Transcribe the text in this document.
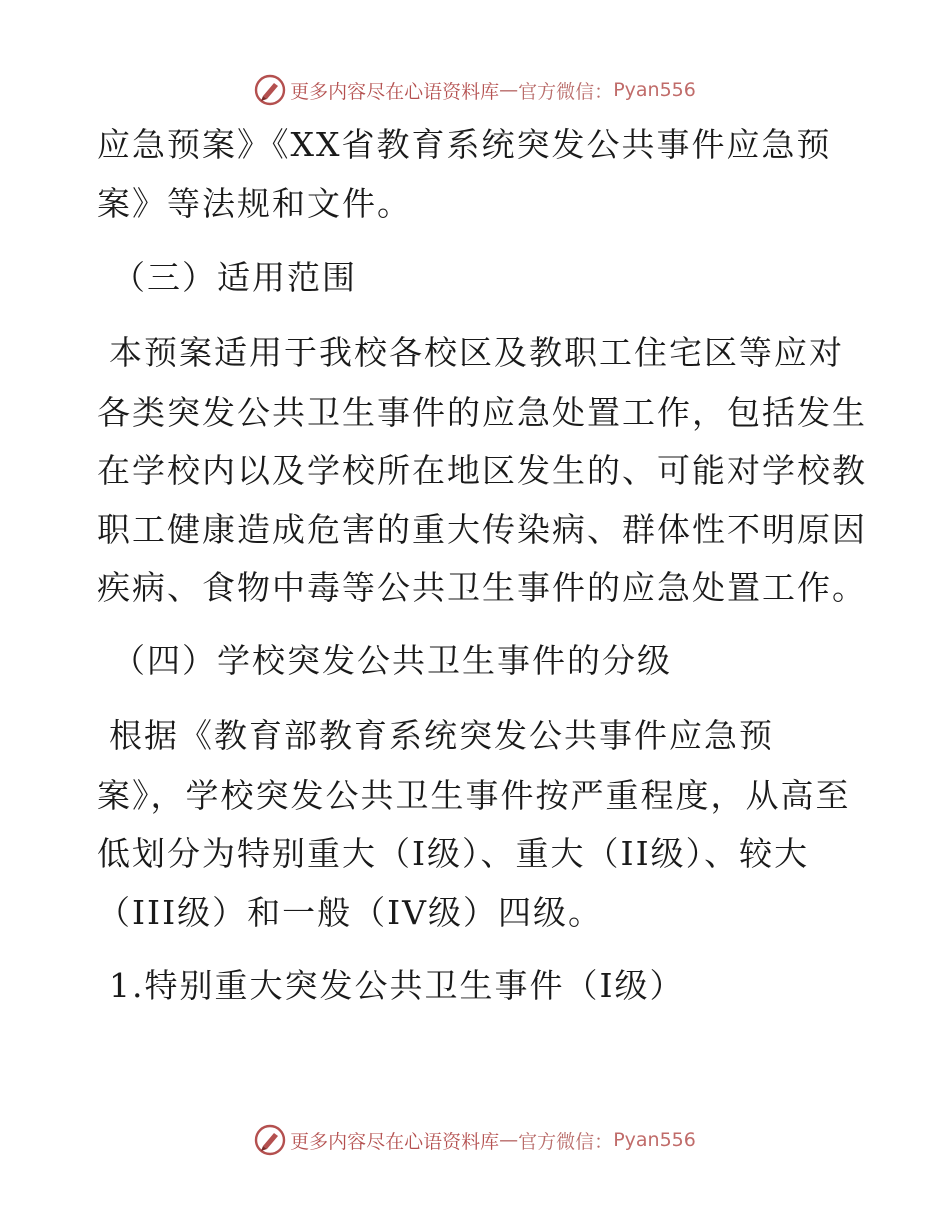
更多内容尽在心语资料库 — 官方微信： Pyan556
应急预案》《XX省教育系统突发公共事件应急预
案》等法规和文件。
（三）适用范围
本预案适用于我校各校区及教职工住宅区等应对
各类突发公共卫生事件的应急处置工作，包括发生
在学校内以及学校所在地区发生的、可能对学校教
职工健康造成危害的重大传染病、群体性不明原因
疾病、食物中毒等公共卫生事件的应急处置工作。
（四）学校突发公共卫生事件的分级
根据《教育部教育系统突发公共事件应急预
案》，学校突发公共卫生事件按严重程度，从高至
低划分为特别重大（Ⅰ级）、重大（II级）、较大
（III级）和一般（IV级）四级。
1.特别重大突发公共卫生事件（Ⅰ级）
更多内容尽在心语资料库 — 官方微信： Pyan556
